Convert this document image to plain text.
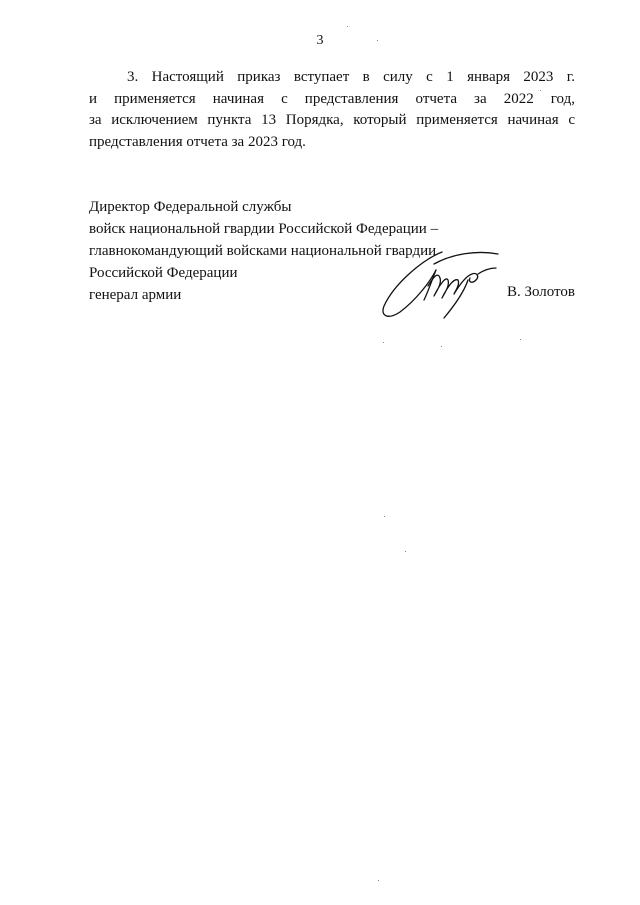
3
3. Настоящий приказ вступает в силу с 1 января 2023 г.
и применяется начиная с представления отчета за 2022 год,
за исключением пункта 13 Порядка, который применяется начиная с
представления отчета за 2023 год.
Директор Федеральной службы
войск национальной гвардии Российской Федерации –
главнокомандующий войсками национальной гвардии
Российской Федерации
генерал армии	В. Золотов
